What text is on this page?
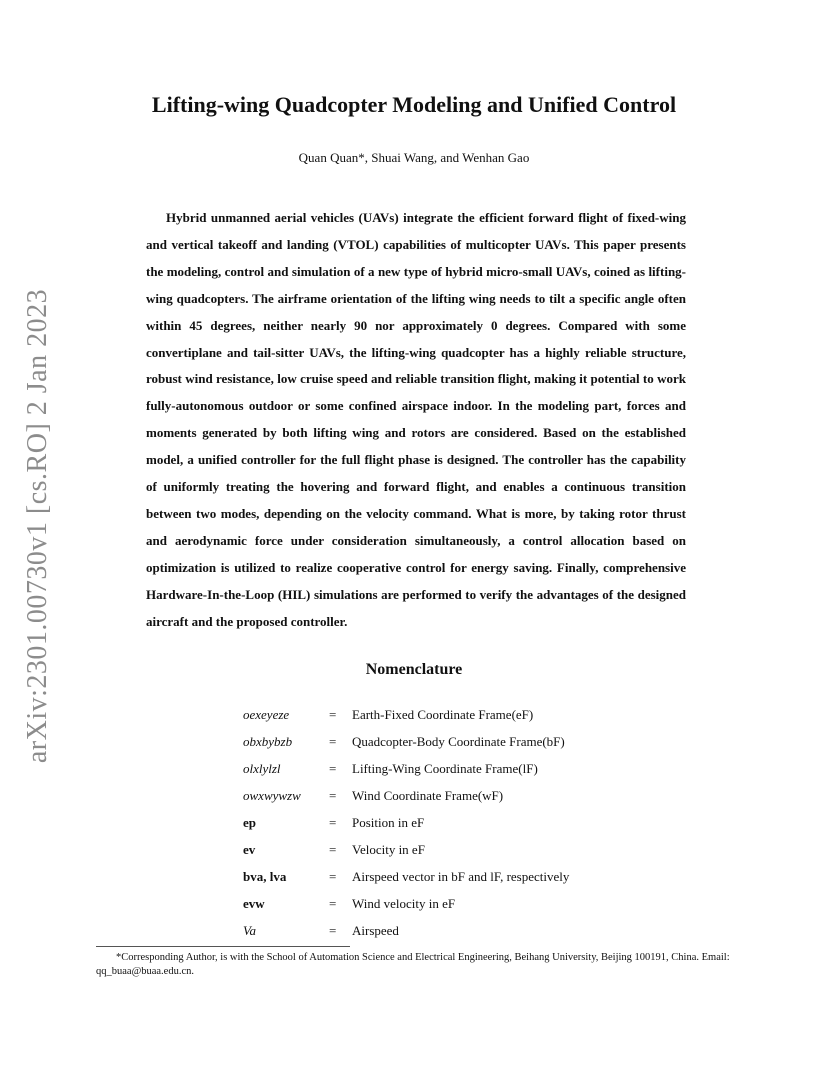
arXiv:2301.00730v1 [cs.RO] 2 Jan 2023
Lifting-wing Quadcopter Modeling and Unified Control
Quan Quan*, Shuai Wang, and Wenhan Gao

Hybrid unmanned aerial vehicles (UAVs) integrate the efficient forward flight of fixed-wing and vertical takeoff and landing (VTOL) capabilities of multicopter UAVs. This paper presents the modeling, control and simulation of a new type of hybrid micro-small UAVs, coined as lifting-wing quadcopters. The airframe orientation of the lifting wing needs to tilt a specific angle often within 45 degrees, neither nearly 90 nor approximately 0 degrees. Compared with some convertiplane and tail-sitter UAVs, the lifting-wing quadcopter has a highly reliable structure, robust wind resistance, low cruise speed and reliable transition flight, making it potential to work fully-autonomous outdoor or some confined airspace indoor. In the modeling part, forces and moments generated by both lifting wing and rotors are considered. Based on the established model, a unified controller for the full flight phase is designed. The controller has the capability of uniformly treating the hovering and forward flight, and enables a continuous transition between two modes, depending on the velocity command. What is more, by taking rotor thrust and aerodynamic force under consideration simultaneously, a control allocation based on optimization is utilized to realize cooperative control for energy saving. Finally, comprehensive Hardware-In-the-Loop (HIL) simulations are performed to verify the advantages of the designed aircraft and the proposed controller.

Nomenclature
oexeyeze	=	Earth-Fixed Coordinate Frame(eF)
obxbybzb	=	Quadcopter-Body Coordinate Frame(bF)
olxlylzl	=	Lifting-Wing Coordinate Frame(lF)
owxwywzw	=	Wind Coordinate Frame(wF)
ep	=	Position in eF
ev	=	Velocity in eF
bva, lva	=	Airspeed vector in bF and lF, respectively
evw	=	Wind velocity in eF
Va	=	Airspeed
*Corresponding Author, is with the School of Automation Science and Electrical Engineering, Beihang University, Beijing 100191, China. Email: qq_buaa@buaa.edu.cn.
